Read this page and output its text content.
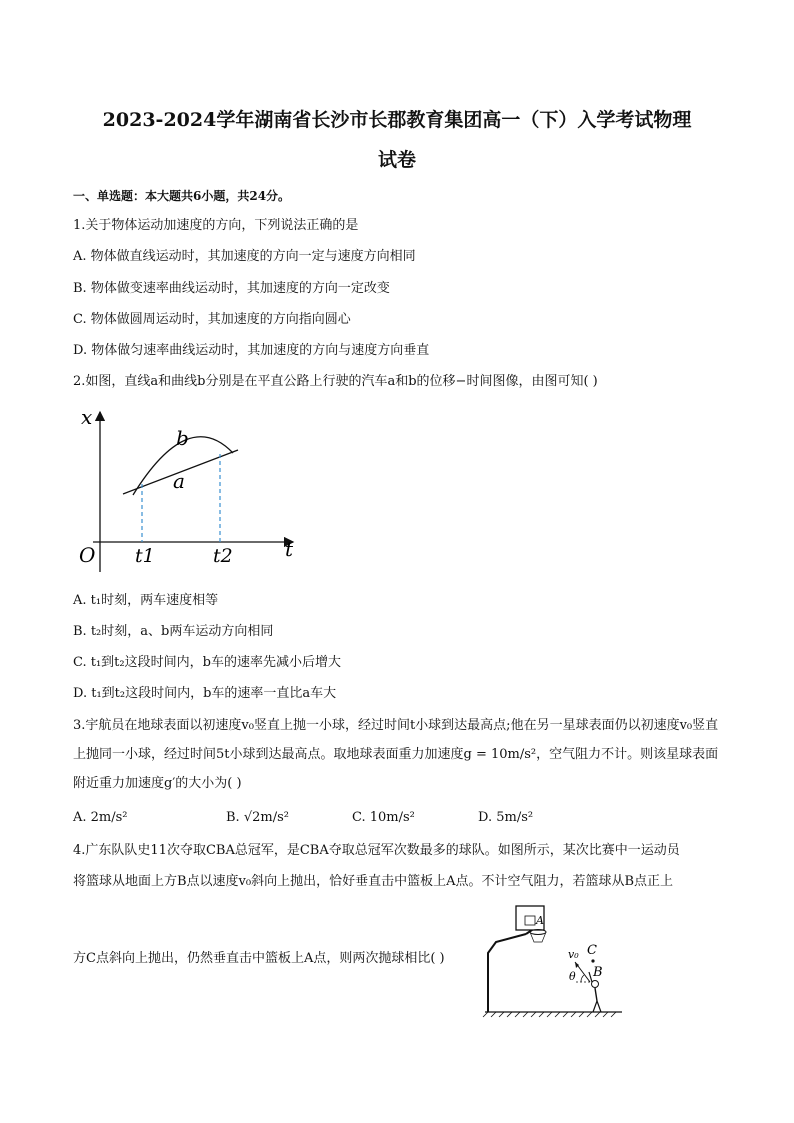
2023-2024学年湖南省长沙市长郡教育集团高一（下）入学考试物理
试卷
一、单选题：本大题共6小题，共24分。
1.关于物体运动加速度的方向，下列说法正确的是
A. 物体做直线运动时，其加速度的方向一定与速度方向相同
B. 物体做变速率曲线运动时，其加速度的方向一定改变
C. 物体做圆周运动时，其加速度的方向指向圆心
D. 物体做匀速率曲线运动时，其加速度的方向与速度方向垂直
2.如图，直线a和曲线b分别是在平直公路上行驶的汽车a和b的位移−时间图像，由图可知( )
x
t
O
b
a
t1	t2
A. t₁时刻，两车速度相等
B. t₂时刻，a、b两车运动方向相同
C. t₁到t₂这段时间内，b车的速率先减小后增大
D. t₁到t₂这段时间内，b车的速率一直比a车大
3.宇航员在地球表面以初速度v₀竖直上抛一小球，经过时间t小球到达最高点;他在另一星球表面仍以初速度v₀竖直上抛同一小球，经过时间5t小球到达最高点。取地球表面重力加速度g = 10m/s²，空气阻力不计。则该星球表面附近重力加速度g′的大小为( )
A. 2m/s²	B. √2m/s²	C. 10m/s²	D. 5m/s²
4.广东队队史11次夺取CBA总冠军，是CBA夺取总冠军次数最多的球队。如图所示，某次比赛中一运动员
将篮球从地面上方B点以速度v₀斜向上抛出，恰好垂直击中篮板上A点。不计空气阻力，若篮球从B点正上
方C点斜向上抛出，仍然垂直击中篮板上A点，则两次抛球相比( )
A
C
v₀
θ B
